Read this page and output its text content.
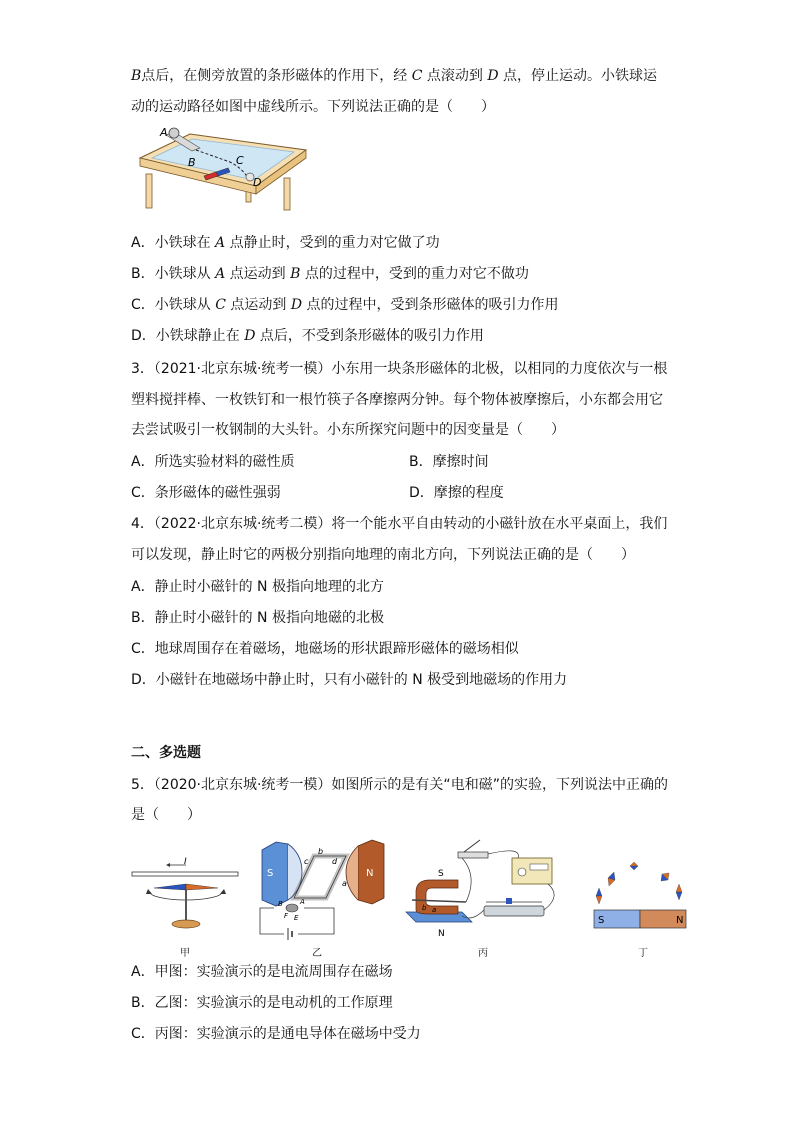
B点后，在侧旁放置的条形磁体的作用下，经 C 点滚动到 D 点，停止运动。小铁球运
动的运动路径如图中虚线所示。下列说法正确的是（　　）
A
B	C
D
A．小铁球在 A 点静止时，受到的重力对它做了功
B．小铁球从 A 点运动到 B 点的过程中，受到的重力对它不做功
C．小铁球从 C 点运动到 D 点的过程中，受到条形磁体的吸引力作用
D．小铁球静止在 D 点后，不受到条形磁体的吸引力作用
3．（2021·北京东城·统考一模）小东用一块条形磁体的北极，以相同的力度依次与一根
塑料搅拌棒、一枚铁钉和一根竹筷子各摩擦两分钟。每个物体被摩擦后，小东都会用它
去尝试吸引一枚钢制的大头针。小东所探究问题中的因变量是（　　）
A．所选实验材料的磁性质	B．摩擦时间
C．条形磁体的磁性强弱	D．摩擦的程度
4．（2022·北京东城·统考二模）将一个能水平自由转动的小磁针放在水平桌面上，我们
可以发现，静止时它的两极分别指向地理的南北方向，下列说法正确的是（　　）
A．静止时小磁针的 N 极指向地理的北方
B．静止时小磁针的 N 极指向地磁的北极
C．地球周围存在着磁场，地磁场的形状跟蹄形磁体的磁场相似
D．小磁针在地磁场中静止时，只有小磁针的 N 极受到地磁场的作用力
二、多选题
5．（2020·北京东城·统考一模）如图所示的是有关“电和磁”的实验，下列说法中正确的
是（　　）
I
S	N
b
a
c	d
B
F E
A
S
N
b a
S	N
甲	乙	丙	丁
A．甲图：实验演示的是电流周围存在磁场
B．乙图：实验演示的是电动机的工作原理
C．丙图：实验演示的是通电导体在磁场中受力
